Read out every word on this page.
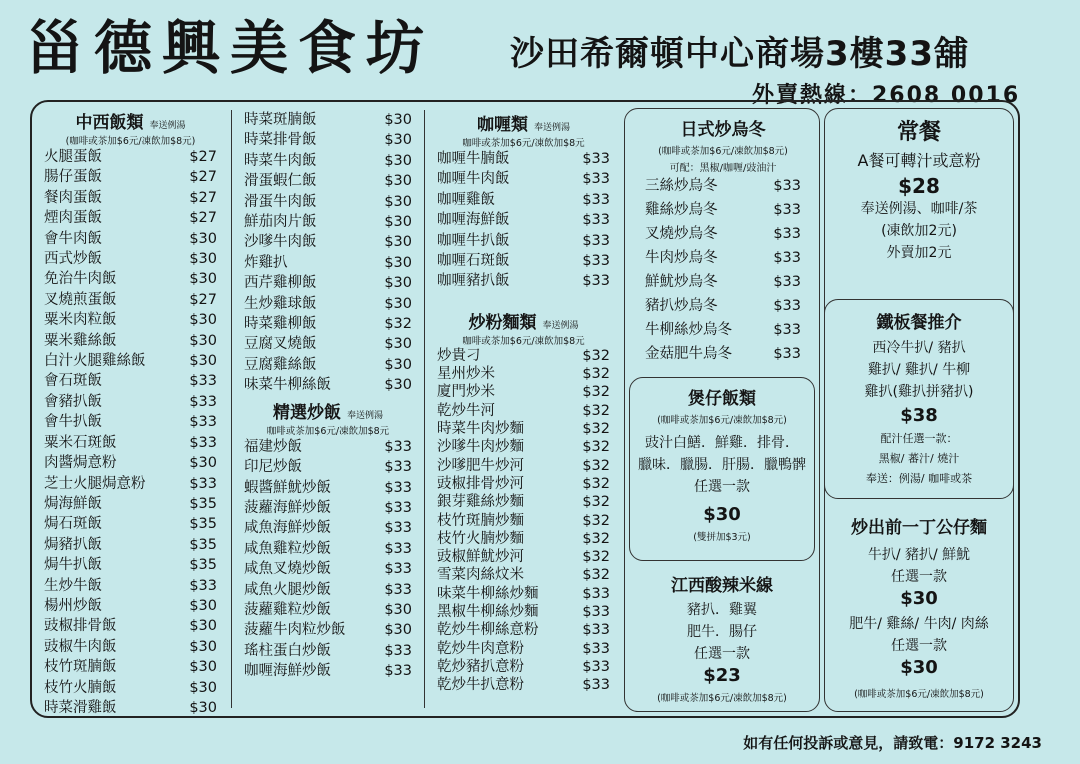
甾德興美食坊 沙田希爾頓中心商場3樓33舖
外賣熱線：2608 0016
中西飯類 奉送例湯
(咖啡或茶加$6元/凍飲加$8元)
火腿蛋飯	$27
腸仔蛋飯	$27
餐肉蛋飯	$27
煙肉蛋飯	$27
會牛肉飯	$30
西式炒飯	$30
免治牛肉飯	$30
叉燒煎蛋飯	$27
粟米肉粒飯	$30
粟米雞絲飯	$30
白汁火腿雞絲飯	$30
會石斑飯	$33
會豬扒飯	$33
會牛扒飯	$33
粟米石斑飯	$33
肉醬焗意粉	$30
芝士火腿焗意粉	$33
焗海鮮飯	$35
焗石斑飯	$35
焗豬扒飯	$35
焗牛扒飯	$35
生炒牛飯	$33
楊州炒飯	$30
豉椒排骨飯	$30
豉椒牛肉飯	$30
枝竹斑腩飯	$30
枝竹火腩飯	$30
時菜滑雞飯	$30
時菜斑腩飯	$30
時菜排骨飯	$30
時菜牛肉飯	$30
滑蛋蝦仁飯	$30
滑蛋牛肉飯	$30
鮮茄肉片飯	$30
沙嗲牛肉飯	$30
炸雞扒	$30
西芹雞柳飯	$30
生炒雞球飯	$30
時菜雞柳飯	$32
豆腐叉燒飯	$30
豆腐雞絲飯	$30
味菜牛柳絲飯	$30
精選炒飯 奉送例湯
咖啡或茶加$6元/凍飲加$8元
福建炒飯	$33
印尼炒飯	$33
蝦醬鮮魷炒飯	$33
菠蘿海鮮炒飯	$33
咸魚海鮮炒飯	$33
咸魚雞粒炒飯	$33
咸魚叉燒炒飯	$33
咸魚火腿炒飯	$33
菠蘿雞粒炒飯	$30
菠蘿牛肉粒炒飯	$30
瑤柱蛋白炒飯	$33
咖喱海鮮炒飯	$33
咖喱類 奉送例湯
咖啡或茶加$6元/凍飲加$8元
咖喱牛腩飯	$33
咖喱牛肉飯	$33
咖喱雞飯	$33
咖喱海鮮飯	$33
咖喱牛扒飯	$33
咖喱石斑飯	$33
咖喱豬扒飯	$33
炒粉麵類 奉送例湯
咖啡或茶加$6元/凍飲加$8元
炒貴刁	$32
星州炒米	$32
廈門炒米	$32
乾炒牛河	$32
時菜牛肉炒麵	$32
沙嗲牛肉炒麵	$32
沙嗲肥牛炒河	$32
豉椒排骨炒河	$32
銀芽雞絲炒麵	$32
枝竹斑腩炒麵	$32
枝竹火腩炒麵	$32
豉椒鮮魷炒河	$32
雪菜肉絲炆米	$32
味菜牛柳絲炒麵	$33
黑椒牛柳絲炒麵	$33
乾炒牛柳絲意粉	$33
乾炒牛肉意粉	$33
乾炒豬扒意粉	$33
乾炒牛扒意粉	$33
日式炒烏冬
(咖啡或茶加$6元/凍飲加$8元)
可配：黑椒/咖喱/豉油汁
三絲炒烏冬	$33
雞絲炒烏冬	$33
叉燒炒烏冬	$33
牛肉炒烏冬	$33
鮮魷炒烏冬	$33
豬扒炒烏冬	$33
牛柳絲炒烏冬	$33
金菇肥牛烏冬	$33
煲仔飯類
(咖啡或茶加$6元/凍飲加$8元)
豉汁白鱔．鮮雞．排骨．
臘味．臘腸．肝腸．臘鴨髀
任選一款
$30
(雙拼加$3元)
江西酸辣米線
豬扒．雞翼
肥牛．腸仔
任選一款
$23
(咖啡或茶加$6元/凍飲加$8元)
常餐
A餐可轉汁或意粉
$28
奉送例湯、咖啡/茶
(凍飲加2元)
外賣加2元
鐵板餐推介
西冷牛扒/ 豬扒
雞扒/ 雞扒/ 牛柳
雞扒(雞扒拼豬扒)
$38
配汁任選一款：
黑椒/ 蕃汁/ 燒汁
奉送：例湯/ 咖啡或茶
炒出前一丁公仔麵
牛扒/ 豬扒/ 鮮魷
任選一款
$30
肥牛/ 雞絲/ 牛肉/ 肉絲
任選一款
$30
(咖啡或茶加$6元/凍飲加$8元)
如有任何投訴或意見，請致電：9172 3243
